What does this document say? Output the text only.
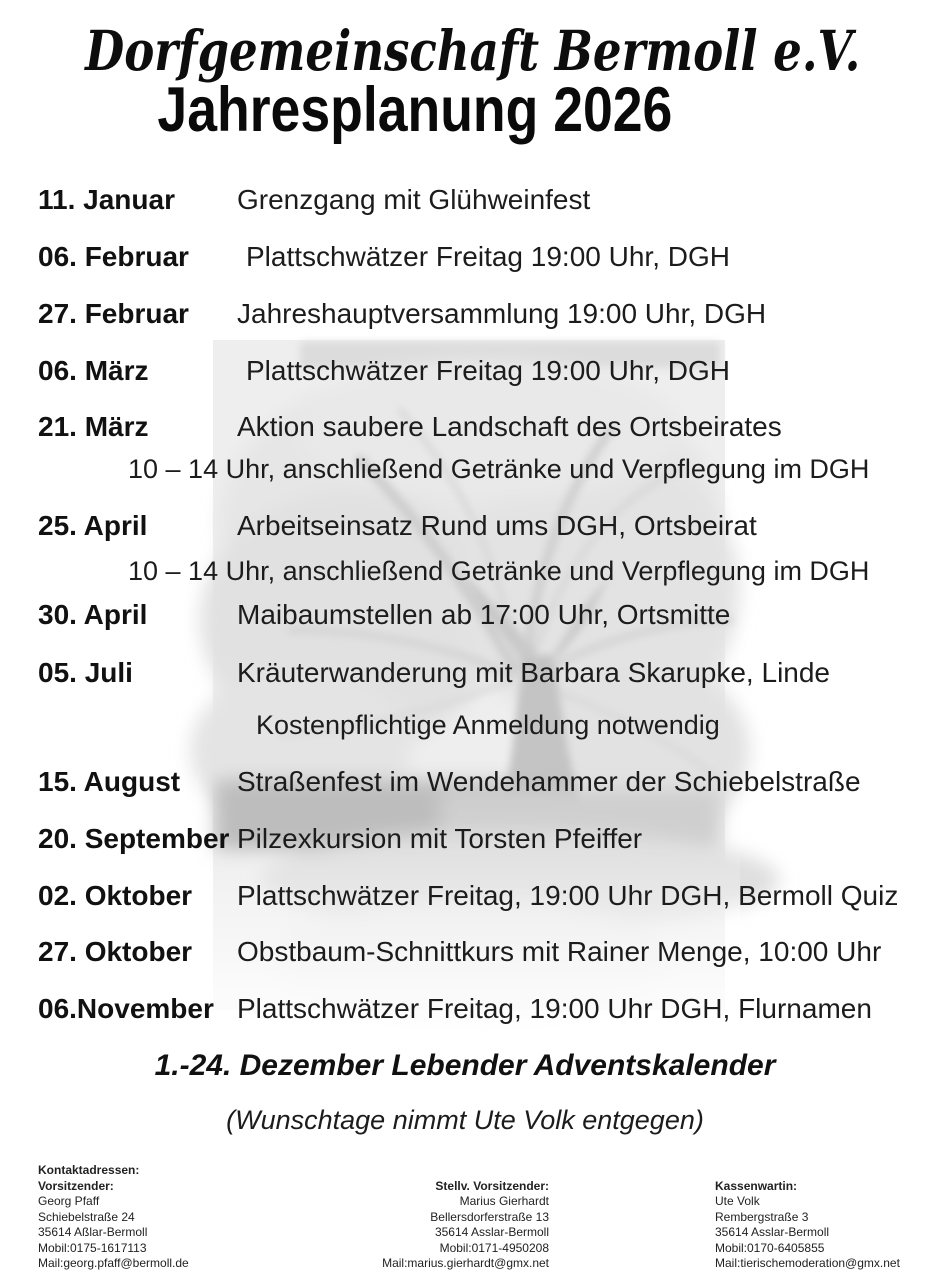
Dorfgemeinschaft Bermoll e.V.
Jahresplanung 2026
11. Januar	Grenzgang mit Glühweinfest
06. Februar	Plattschwätzer Freitag 19:00 Uhr, DGH
27. Februar	Jahreshauptversammlung 19:00 Uhr, DGH
06. März	Plattschwätzer Freitag 19:00 Uhr, DGH
21. März	Aktion saubere Landschaft des Ortsbeirates
10 – 14 Uhr, anschließend Getränke und Verpflegung im DGH
25. April	Arbeitseinsatz Rund ums DGH, Ortsbeirat
10 – 14 Uhr, anschließend Getränke und Verpflegung im DGH
30. April	Maibaumstellen ab 17:00 Uhr, Ortsmitte
05. Juli	Kräuterwanderung mit Barbara Skarupke, Linde
Kostenpflichtige Anmeldung notwendig
15. August	Straßenfest im Wendehammer der Schiebelstraße
20. September Pilzexkursion mit Torsten Pfeiffer
02. Oktober	Plattschwätzer Freitag, 19:00 Uhr DGH, Bermoll Quiz
27. Oktober	Obstbaum-Schnittkurs mit Rainer Menge, 10:00 Uhr
06.November Plattschwätzer Freitag, 19:00 Uhr DGH, Flurnamen
1.-24. Dezember Lebender Adventskalender
(Wunschtage nimmt Ute Volk entgegen)
Kontaktadressen:
Vorsitzender:
Georg Pfaff
Schiebelstraße 24
35614 Aßlar-Bermoll
Mobil:0175-1617113
Mail:georg.pfaff@bermoll.de
Stellv. Vorsitzender:
Marius Gierhardt
Bellersdorferstraße 13
35614 Asslar-Bermoll
Mobil:0171-4950208
Mail:marius.gierhardt@gmx.net
Kassenwartin:
Ute Volk
Rembergstraße 3
35614 Asslar-Bermoll
Mobil:0170-6405855
Mail:tierischemoderation@gmx.net
